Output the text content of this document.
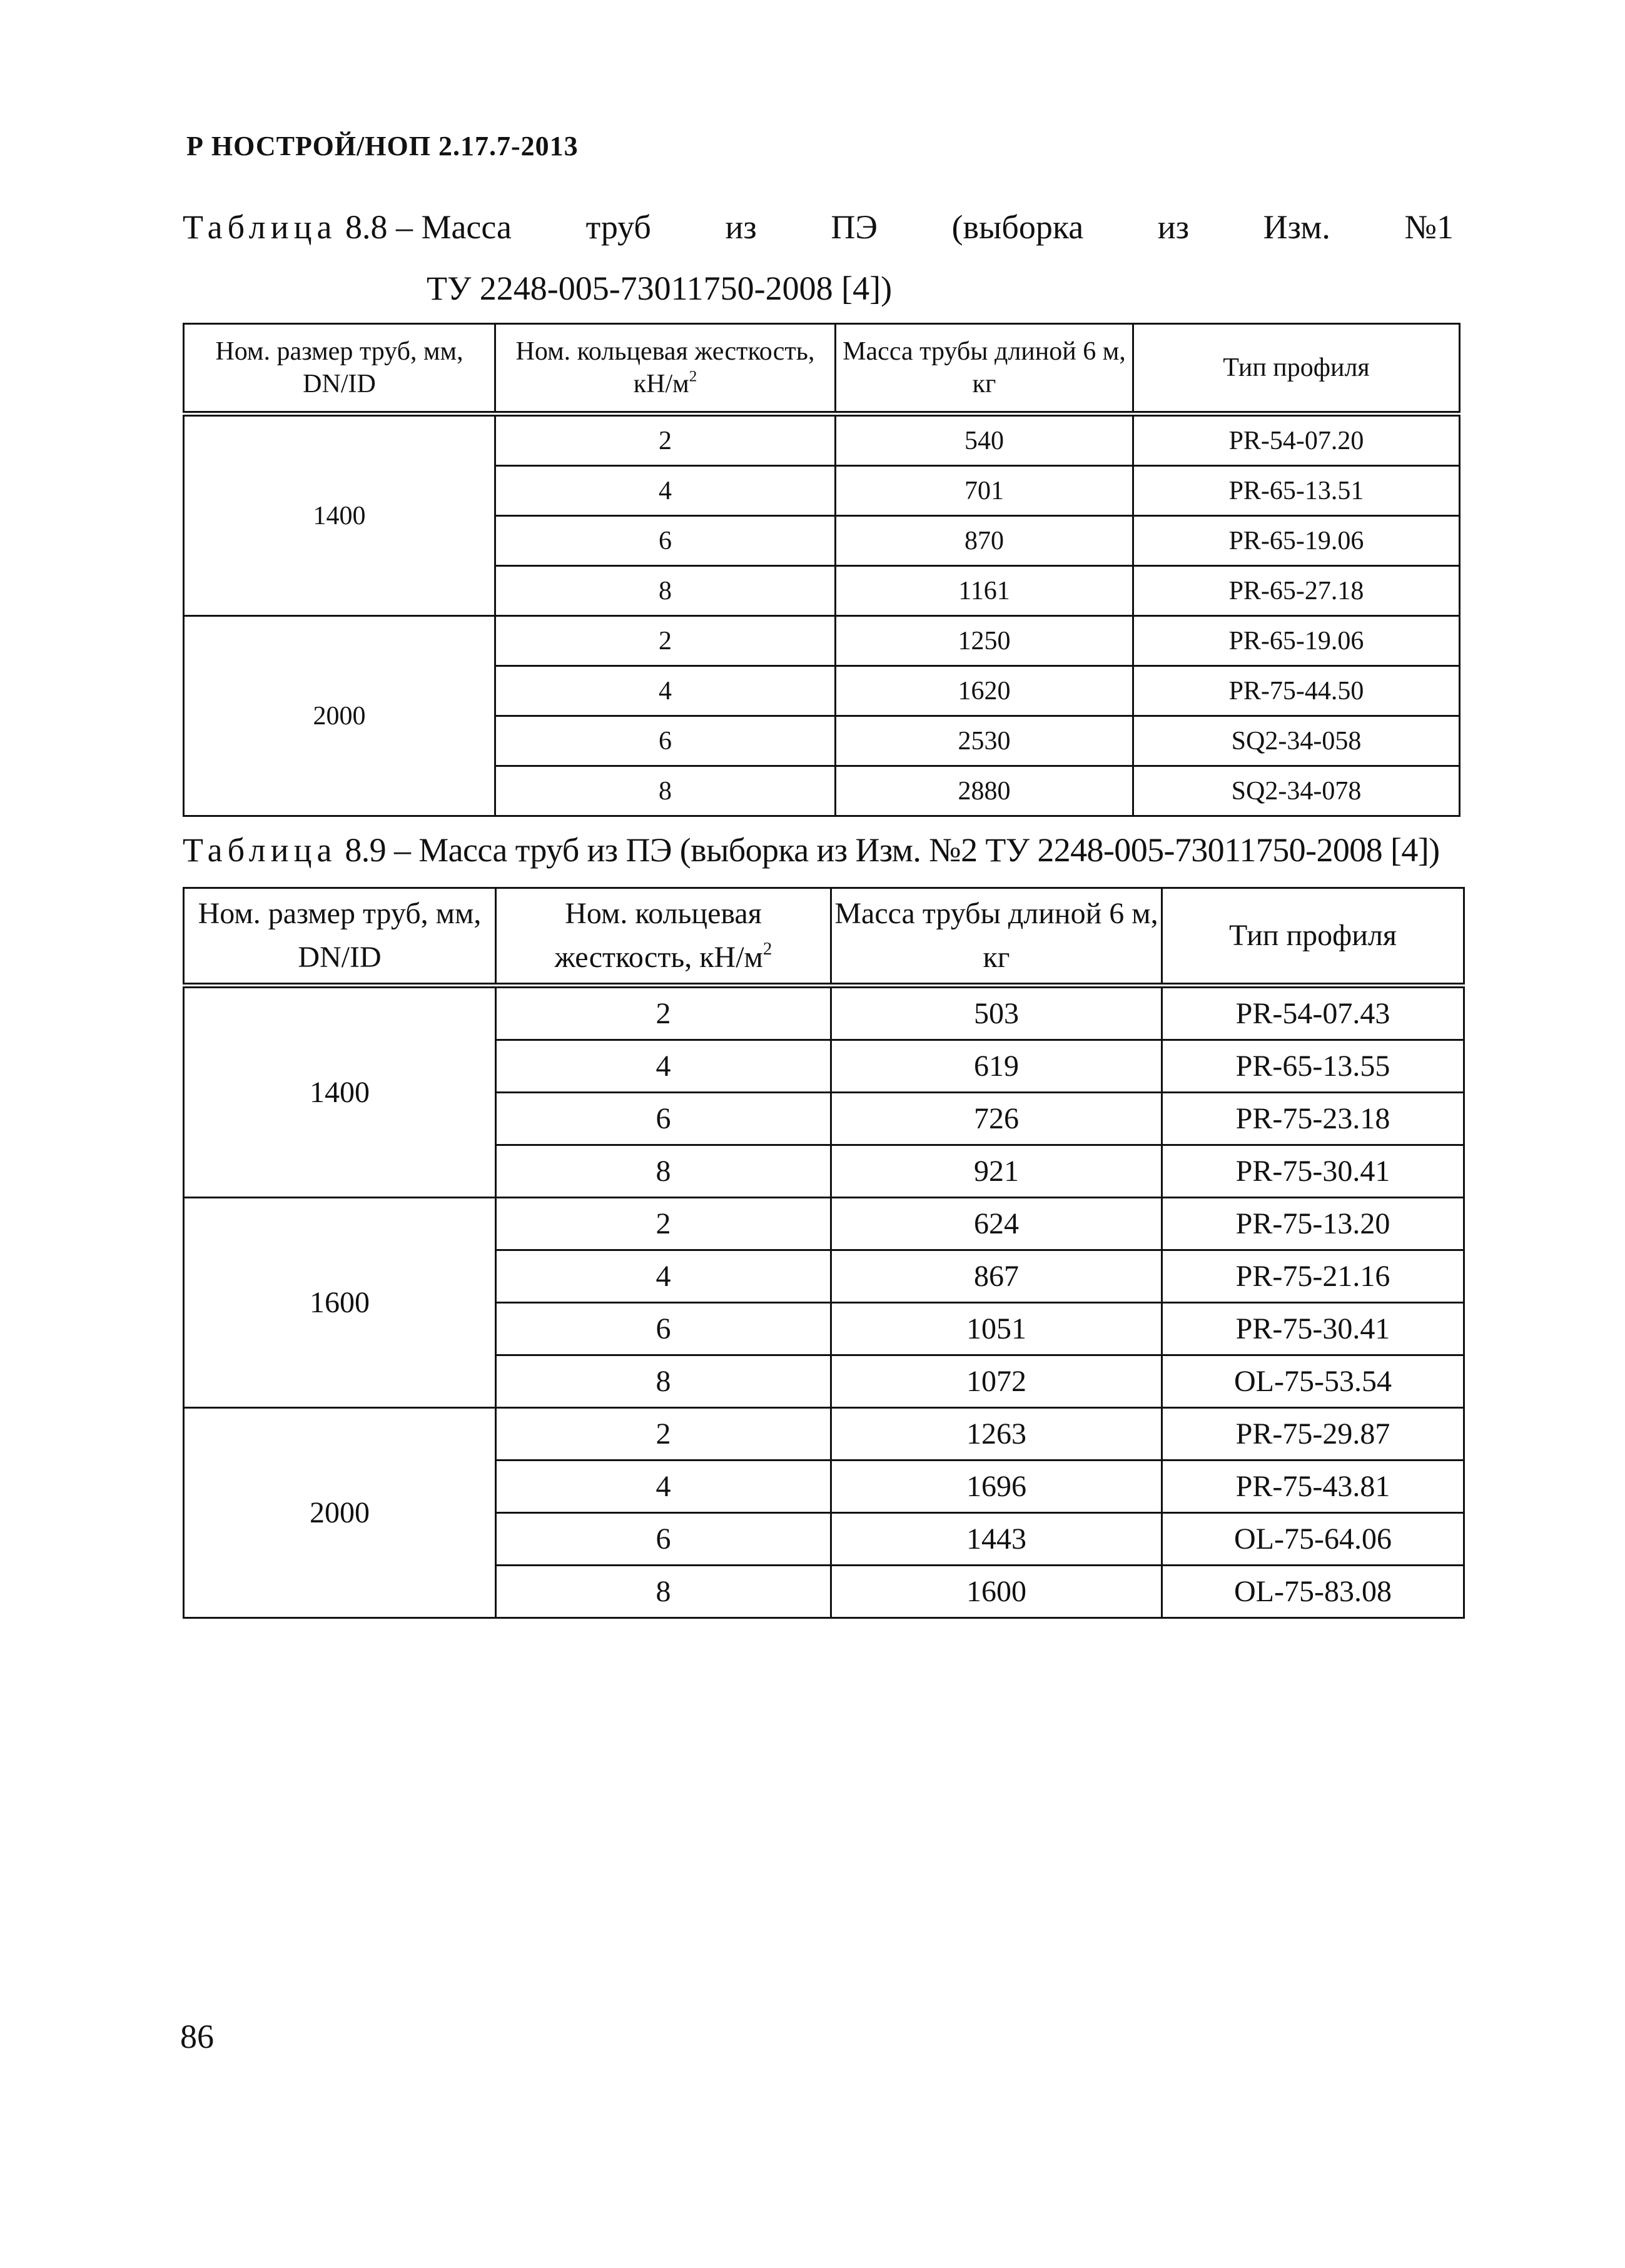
Р НОСТРОЙ/НОП 2.17.7-2013
Таблица 8.8 – Масса труб из ПЭ (выборка из Изм. №1
ТУ 2248-005-73011750-2008 [4])
Ном. размер труб, мм, DN/ID	Ном. кольцевая жесткость, $кН/м^2$	Масса трубы длиной 6 м, кг	Тип профиля
1400	2	540	PR-54-07.20
	4	701	PR-65-13.51
	6	870	PR-65-19.06
	8	1161	PR-65-27.18
2000	2	1250	PR-65-19.06
	4	1620	PR-75-44.50
	6	2530	SQ2-34-058
	8	2880	SQ2-34-078
Таблица 8.9 – Масса труб из ПЭ (выборка из Изм. №2 ТУ 2248-005-73011750-2008 [4])
Ном. размер труб, мм, DN/ID	Ном. кольцевая жесткость, $кН/м^2$	Масса трубы длиной 6 м, кг	Тип профиля
1400	2	503	PR-54-07.43
	4	619	PR-65-13.55
	6	726	PR-75-23.18
	8	921	PR-75-30.41
1600	2	624	PR-75-13.20
	4	867	PR-75-21.16
	6	1051	PR-75-30.41
	8	1072	OL-75-53.54
2000	2	1263	PR-75-29.87
	4	1696	PR-75-43.81
	6	1443	OL-75-64.06
	8	1600	OL-75-83.08
86
